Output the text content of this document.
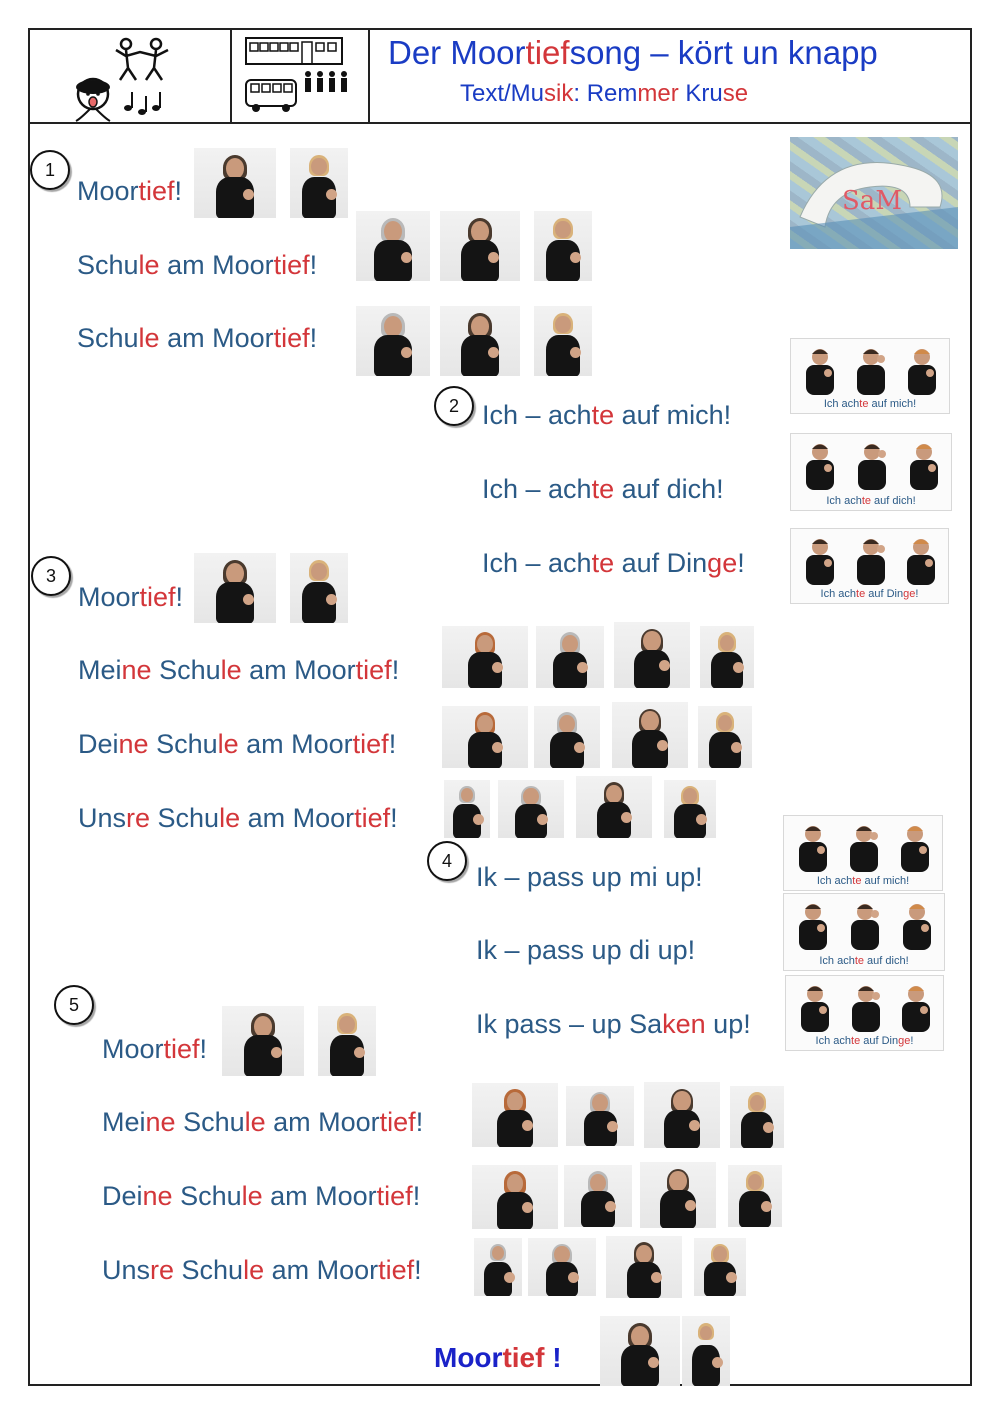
Der Moortiefsong – kört un knapp
Text/Musik: Remmer Kruse
SaM
1
Moortief!
Schule am Moortief!
Schule am Moortief!
2 Ich – achte auf mich!
Ich – achte auf dich!
Ich – achte auf Dinge!
3
Moortief!
Meine Schule am Moortief!
Deine Schule am Moortief!
Unsre Schule am Moortief!
4
Ik – pass up mi up!
Ik – pass up di up!
Ik pass – up Saken up!
5
Moortief!
Meine Schule am Moortief!
Deine Schule am Moortief!
Unsre Schule am Moortief!
Moortief !
Ich achte auf mich!
Ich achte auf dich!
Ich achte auf Dinge!
Ich achte auf mich!
Ich achte auf dich!
Ich achte auf Dinge!
